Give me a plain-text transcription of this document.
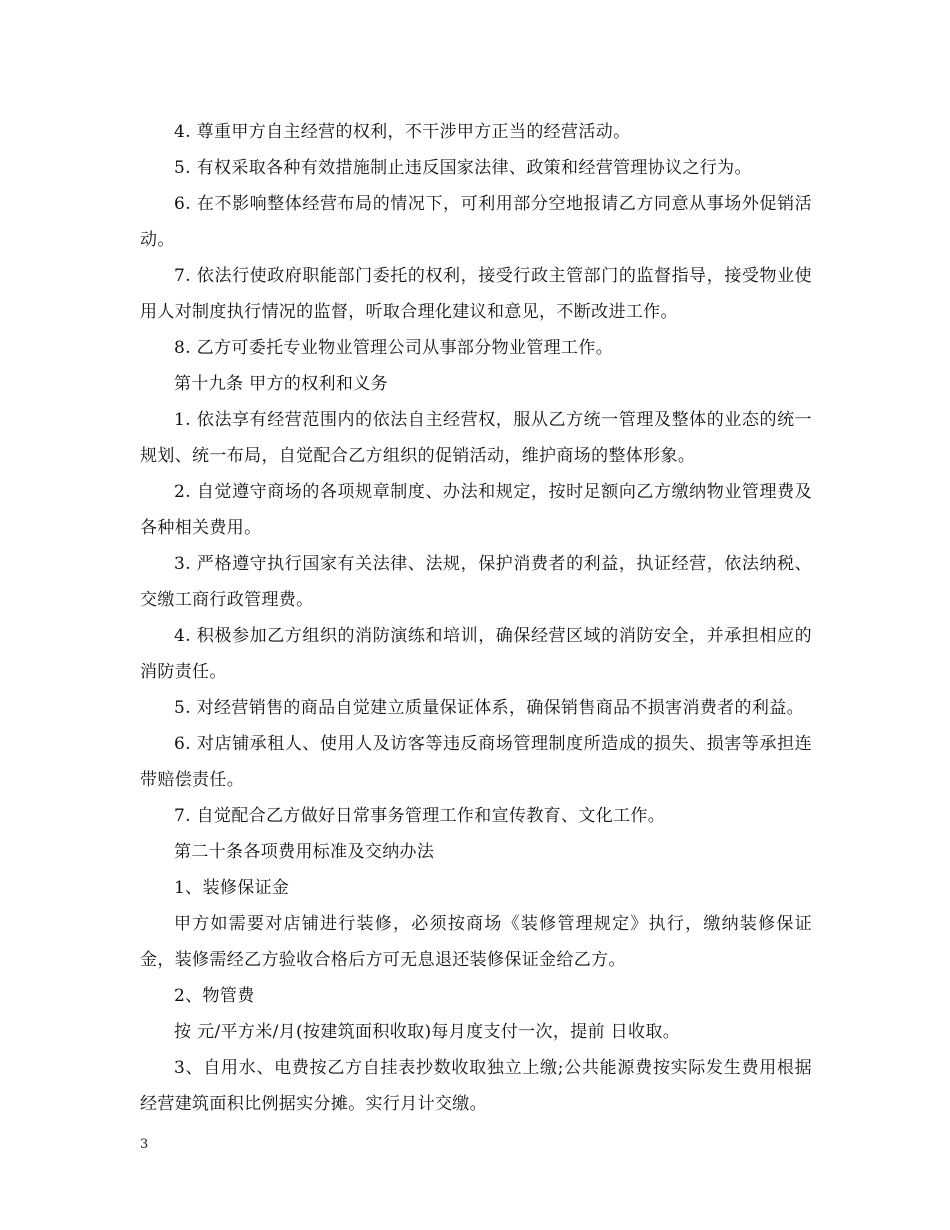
4. 尊重甲方自主经营的权利，不干涉甲方正当的经营活动。

5. 有权采取各种有效措施制止违反国家法律、政策和经营管理协议之行为。

6. 在不影响整体经营布局的情况下，可利用部分空地报请乙方同意从事场外促销活动。

7. 依法行使政府职能部门委托的权利，接受行政主管部门的监督指导，接受物业使用人对制度执行情况的监督，听取合理化建议和意见，不断改进工作。

8. 乙方可委托专业物业管理公司从事部分物业管理工作。

第十九条 甲方的权利和义务

1. 依法享有经营范围内的依法自主经营权，服从乙方统一管理及整体的业态的统一规划、统一布局，自觉配合乙方组织的促销活动，维护商场的整体形象。

2. 自觉遵守商场的各项规章制度、办法和规定，按时足额向乙方缴纳物业管理费及各种相关费用。

3. 严格遵守执行国家有关法律、法规，保护消费者的利益，执证经营，依法纳税、交缴工商行政管理费。

4. 积极参加乙方组织的消防演练和培训，确保经营区域的消防安全，并承担相应的消防责任。

5. 对经营销售的商品自觉建立质量保证体系，确保销售商品不损害消费者的利益。

6. 对店铺承租人、使用人及访客等违反商场管理制度所造成的损失、损害等承担连带赔偿责任。

7. 自觉配合乙方做好日常事务管理工作和宣传教育、文化工作。

第二十条各项费用标准及交纳办法

1、装修保证金

甲方如需要对店铺进行装修，必须按商场《装修管理规定》执行，缴纳装修保证金，装修需经乙方验收合格后方可无息退还装修保证金给乙方。

2、物管费

按 元/平方米/月(按建筑面积收取)每月度支付一次，提前 日收取。

3、自用水、电费按乙方自挂表抄数收取独立上缴;公共能源费按实际发生费用根据经营建筑面积比例据实分摊。实行月计交缴。

3
